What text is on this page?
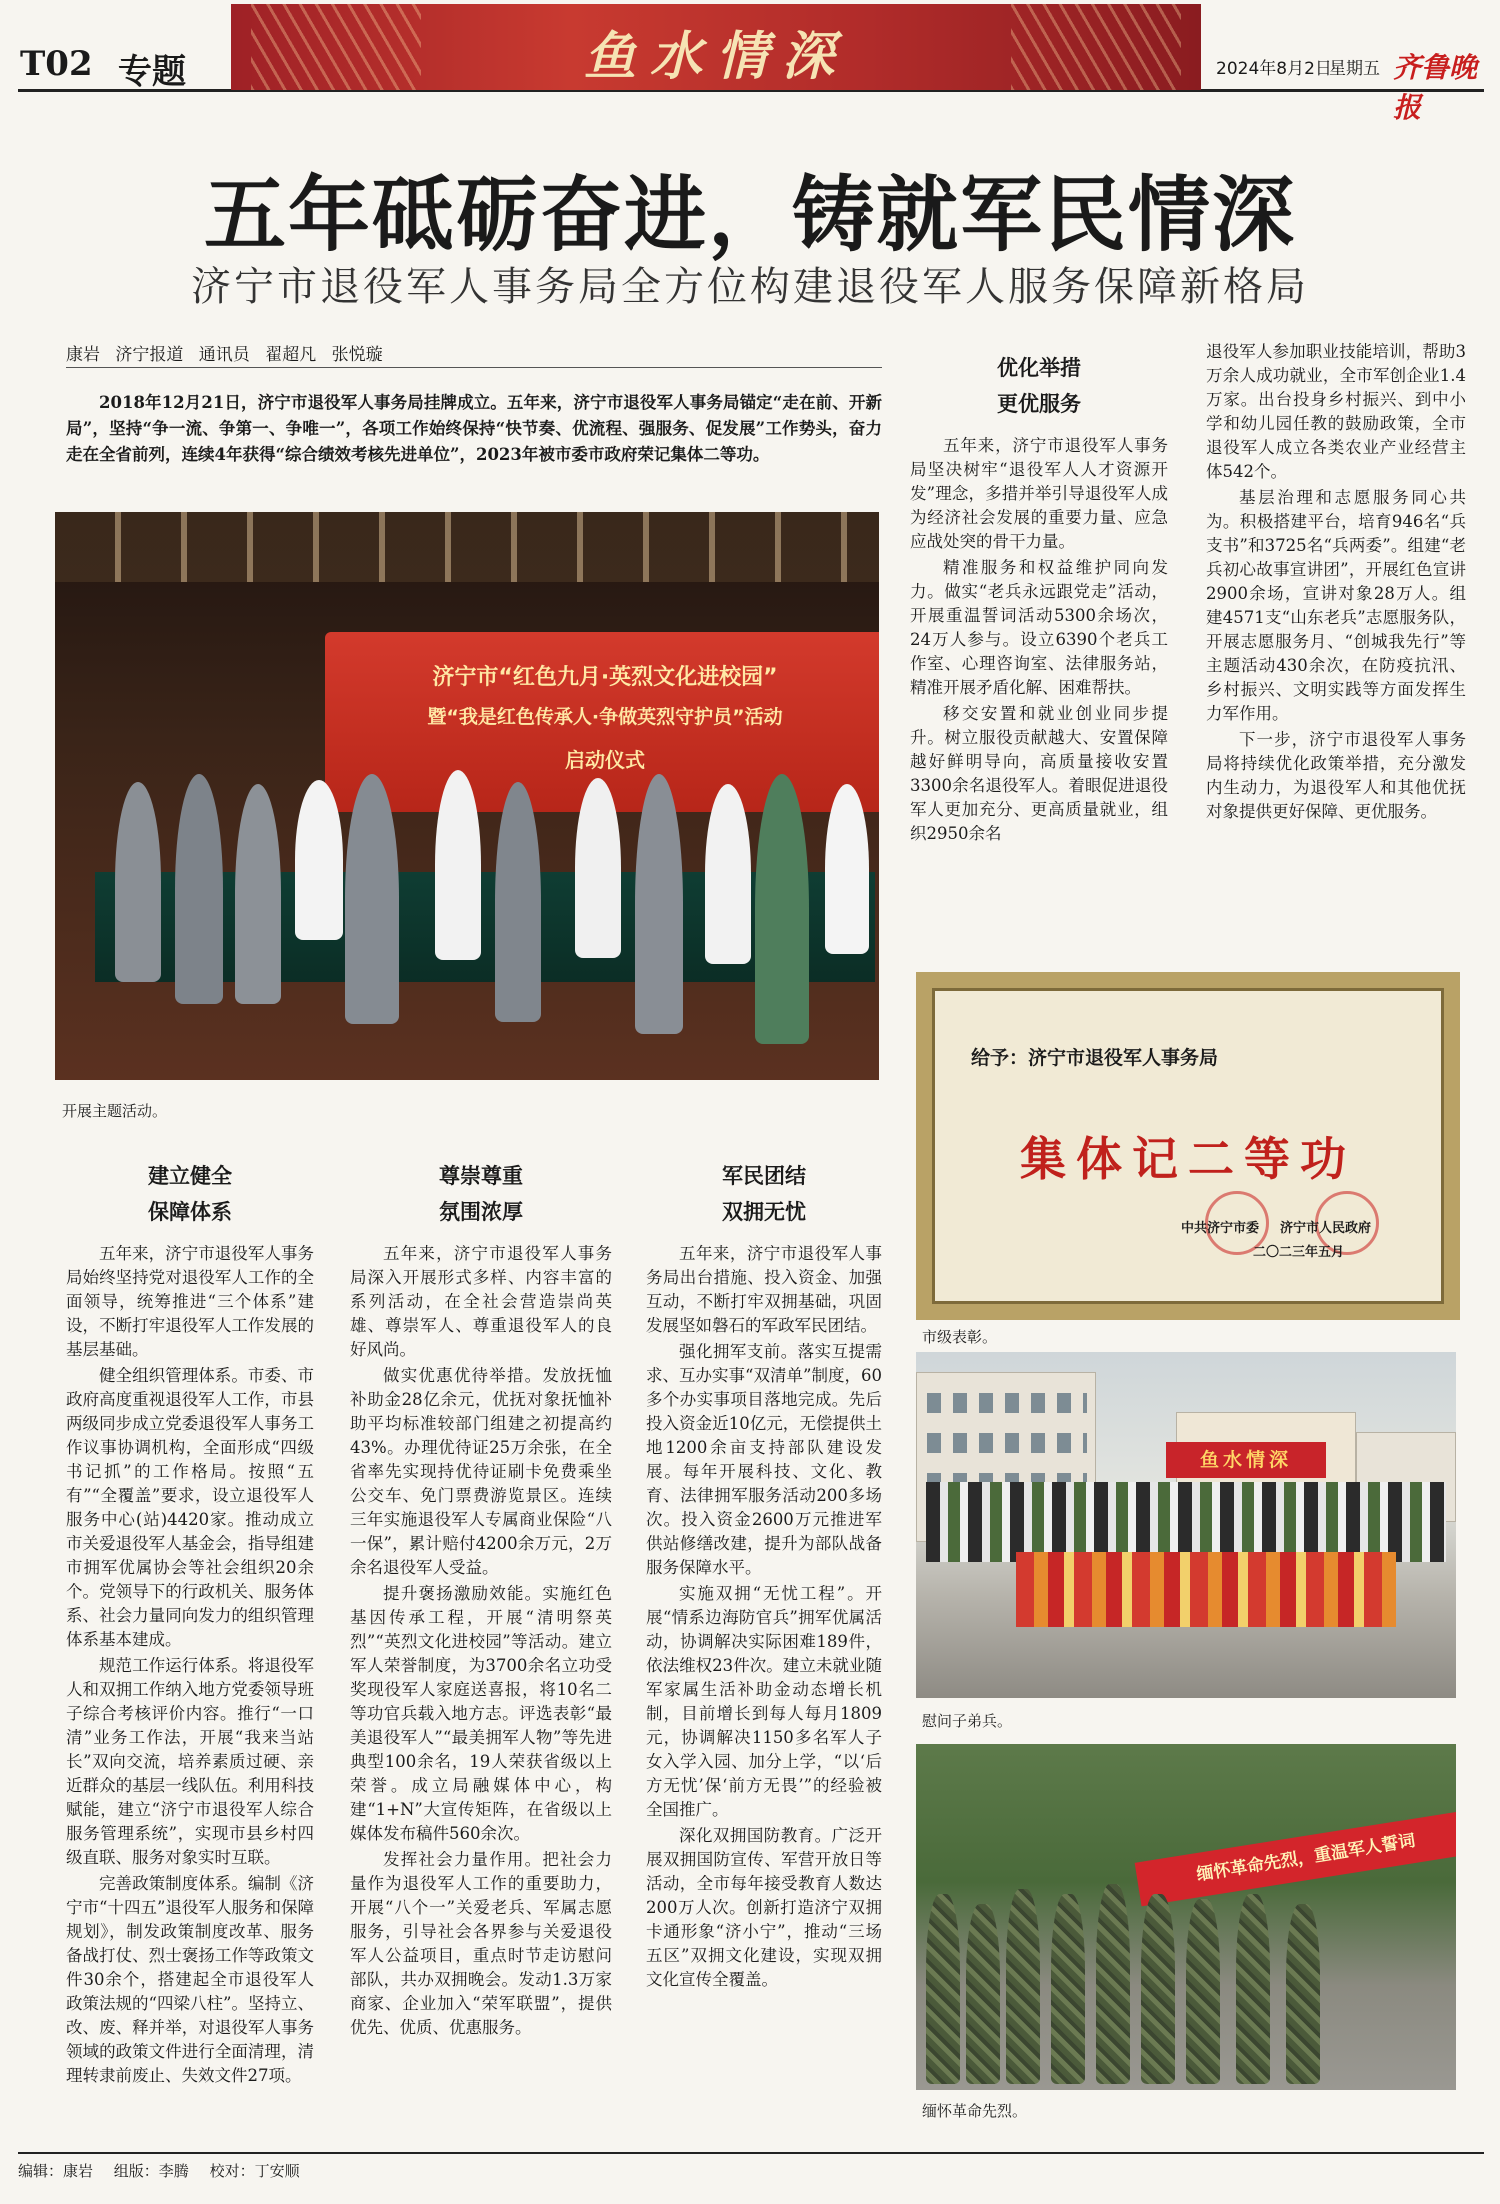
T02 专题	鱼水情深	2024年8月2日
星期五 齐鲁晚报
五年砥砺奋进，铸就军民情深
济宁市退役军人事务局全方位构建退役军人服务保障新格局
康岩 济宁报道 通讯员 翟超凡 张悦璇
2018年12月21日，济宁市退役军人事务局挂牌成立。五年来，济宁市退役军人事务局锚定“走在前、开新局”，坚持“争一流、争第一、争唯一”，各项工作始终保持“快节奏、优流程、强服务、促发展”工作势头，奋力走在全省前列，连续4年获得“综合绩效考核先进单位”，2023年被市委市政府荣记集体二等功。
济宁市“红色九月·英烈文化进校园”
暨“我是红色传承人·争做英烈守护员”活动
启动仪式
开展主题活动。
给予：济宁市退役军人事务局
集体记二等功
中共济宁市委 济宁市人民政府
二〇二三年五月
市级表彰。
鱼水情深
慰问子弟兵。
缅怀革命先烈，重温军人誓词
缅怀革命先烈。
优化举措
更优服务

五年来，济宁市退役军人事务局坚决树牢“退役军人人才资源开发”理念，多措并举引导退役军人成为经济社会发展的重要力量、应急应战处突的骨干力量。

精准服务和权益维护同向发力。做实“老兵永远跟党走”活动，开展重温誓词活动5300余场次，24万人参与。设立6390个老兵工作室、心理咨询室、法律服务站，精准开展矛盾化解、困难帮扶。

移交安置和就业创业同步提升。树立服役贡献越大、安置保障越好鲜明导向，高质量接收安置3300余名退役军人。着眼促进退役军人更加充分、更高质量就业，组织2950余名

退役军人参加职业技能培训，帮助3万余人成功就业，全市军创企业1.4万家。出台投身乡村振兴、到中小学和幼儿园任教的鼓励政策，全市退役军人成立各类农业产业经营主体542个。

基层治理和志愿服务同心共为。积极搭建平台，培育946名“兵支书”和3725名“兵两委”。组建“老兵初心故事宣讲团”，开展红色宣讲2900余场，宣讲对象28万人。组建4571支“山东老兵”志愿服务队，开展志愿服务月、“创城我先行”等主题活动430余次，在防疫抗汛、乡村振兴、文明实践等方面发挥生力军作用。

下一步，济宁市退役军人事务局将持续优化政策举措，充分激发内生动力，为退役军人和其他优抚对象提供更好保障、更优服务。

建立健全
保障体系

五年来，济宁市退役军人事务局始终坚持党对退役军人工作的全面领导，统筹推进“三个体系”建设，不断打牢退役军人工作发展的基层基础。

健全组织管理体系。市委、市政府高度重视退役军人工作，市县两级同步成立党委退役军人事务工作议事协调机构，全面形成“四级书记抓”的工作格局。按照“五有”“全覆盖”要求，设立退役军人服务中心(站)4420家。推动成立市关爱退役军人基金会，指导组建市拥军优属协会等社会组织20余个。党领导下的行政机关、服务体系、社会力量同向发力的组织管理体系基本建成。

规范工作运行体系。将退役军人和双拥工作纳入地方党委领导班子综合考核评价内容。推行“一口清”业务工作法，开展“我来当站长”双向交流，培养素质过硬、亲近群众的基层一线队伍。利用科技赋能，建立“济宁市退役军人综合服务管理系统”，实现市县乡村四级直联、服务对象实时互联。

完善政策制度体系。编制《济宁市“十四五”退役军人服务和保障规划》，制发政策制度改革、服务备战打仗、烈士褒扬工作等政策文件30余个，搭建起全市退役军人政策法规的“四梁八柱”。坚持立、改、废、释并举，对退役军人事务领域的政策文件进行全面清理，清理转隶前废止、失效文件27项。

尊崇尊重
氛围浓厚

五年来，济宁市退役军人事务局深入开展形式多样、内容丰富的系列活动，在全社会营造崇尚英雄、尊崇军人、尊重退役军人的良好风尚。

做实优惠优待举措。发放抚恤补助金28亿余元，优抚对象抚恤补助平均标准较部门组建之初提高约43%。办理优待证25万余张，在全省率先实现持优待证刷卡免费乘坐公交车、免门票费游览景区。连续三年实施退役军人专属商业保险“八一保”，累计赔付4200余万元，2万余名退役军人受益。

提升褒扬激励效能。实施红色基因传承工程，开展“清明祭英烈”“英烈文化进校园”等活动。建立军人荣誉制度，为3700余名立功受奖现役军人家庭送喜报，将10名二等功官兵载入地方志。评选表彰“最美退役军人”“最美拥军人物”等先进典型100余名，19人荣获省级以上荣誉。成立局融媒体中心，构建“1+N”大宣传矩阵，在省级以上媒体发布稿件560余次。

发挥社会力量作用。把社会力量作为退役军人工作的重要助力，开展“八个一”关爱老兵、军属志愿服务，引导社会各界参与关爱退役军人公益项目，重点时节走访慰问部队，共办双拥晚会。发动1.3万家商家、企业加入“荣军联盟”，提供优先、优质、优惠服务。

军民团结
双拥无忧

五年来，济宁市退役军人事务局出台措施、投入资金、加强互动，不断打牢双拥基础，巩固发展坚如磐石的军政军民团结。

强化拥军支前。落实互提需求、互办实事“双清单”制度，60多个办实事项目落地完成。先后投入资金近10亿元，无偿提供土地1200余亩支持部队建设发展。每年开展科技、文化、教育、法律拥军服务活动200多场次。投入资金2600万元推进军供站修缮改建，提升为部队战备服务保障水平。

实施双拥“无忧工程”。开展“情系边海防官兵”拥军优属活动，协调解决实际困难189件，依法维权23件次。建立未就业随军家属生活补助金动态增长机制，目前增长到每人每月1809元，协调解决1150多名军人子女入学入园、加分上学，“以‘后方无忧’保‘前方无畏’”的经验被全国推广。

深化双拥国防教育。广泛开展双拥国防宣传、军营开放日等活动，全市每年接受教育人数达200万人次。创新打造济宁双拥卡通形象“济小宁”，推动“三场五区”双拥文化建设，实现双拥文化宣传全覆盖。

编辑：康岩 组版：李腾 校对：丁安顺
